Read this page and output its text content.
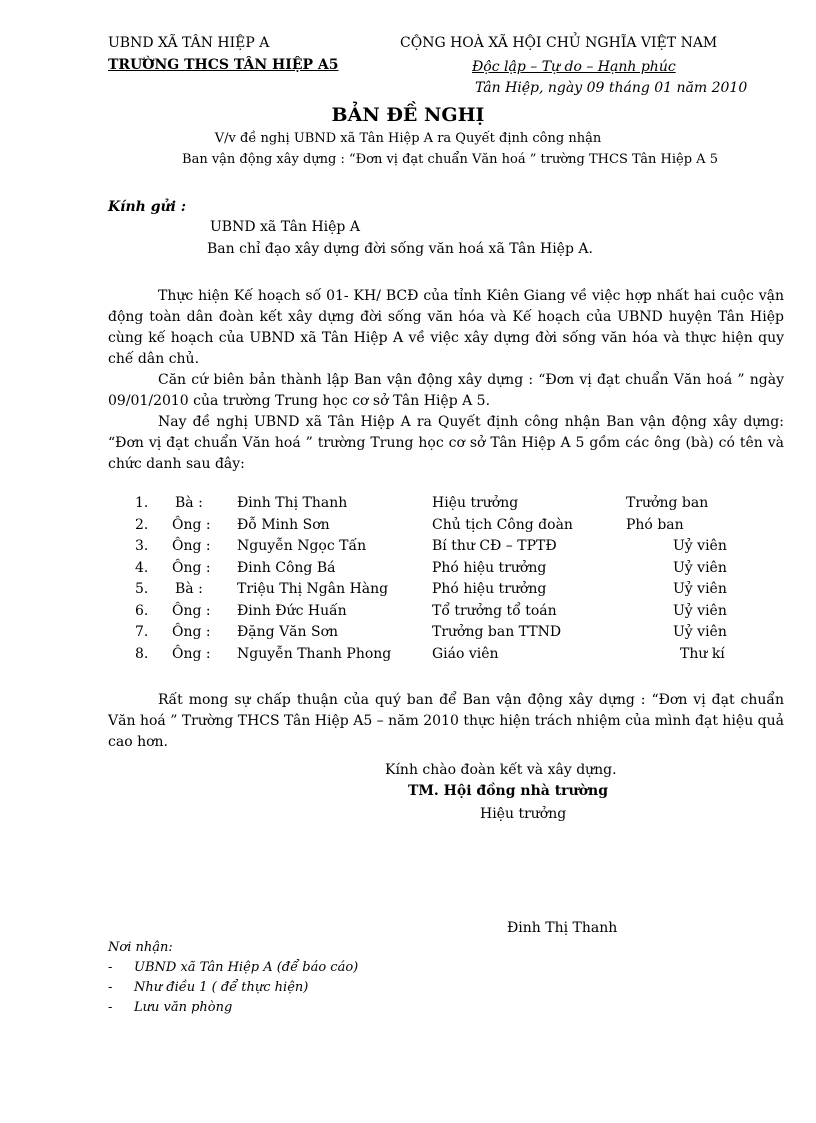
UBND XÃ TÂN HIỆP A
TRƯỜNG THCS TÂN HIỆP A5
CỘNG HOÀ XÃ HỘI CHỦ NGHĨA VIỆT NAM
Độc lập – Tự do – Hạnh phúc
Tân Hiệp, ngày 09 tháng 01 năm 2010
BẢN ĐỀ NGHỊ
V/v đề nghị UBND xã Tân Hiệp A ra Quyết định công nhận
Ban vận động xây dựng : “Đơn vị đạt chuẩn Văn hoá ” trường THCS Tân Hiệp A 5
Kính gửi :
UBND xã Tân Hiệp A
Ban chỉ đạo xây dựng đời sống văn hoá xã Tân Hiệp A.
Thực hiện Kế hoạch số 01- KH/ BCĐ của tỉnh Kiên Giang về việc hợp nhất hai cuộc vận động toàn dân đoàn kết xây dựng đời sống văn hóa và Kế hoạch của UBND huyện Tân Hiệp cùng kế hoạch của UBND xã Tân Hiệp A về việc xây dựng đời sống văn hóa và thực hiện quy chế dân chủ.
Căn cứ biên bản thành lập Ban vận động xây dựng : “Đơn vị đạt chuẩn Văn hoá ” ngày 09/01/2010 của trường Trung học cơ sở Tân Hiệp A 5.
Nay đề nghị UBND xã Tân Hiệp A ra Quyết định công nhận Ban vận động xây dựng: “Đơn vị đạt chuẩn Văn hoá ” trường Trung học cơ sở Tân Hiệp A 5 gồm các ông (bà) có tên và chức danh sau đây:
1. Bà : Đinh Thị Thanh	Hiệu trưởng	Trưởng ban
2. Ông : Đỗ Minh Sơn	Chủ tịch Công đoàn	Phó ban
3. Ông : Nguyễn Ngọc Tấn	Bí thư CĐ – TPTĐ	Uỷ viên
4. Ông : Đinh Công Bá	Phó hiệu trưởng	Uỷ viên
5. Bà : Triệu Thị Ngân Hàng	Phó hiệu trưởng	Uỷ viên
6. Ông : Đinh Đức Huấn	Tổ trưởng tổ toán	Uỷ viên
7. Ông : Đặng Văn Sơn	Trưởng ban TTND	Uỷ viên
8. Ông : Nguyễn Thanh Phong	Giáo viên	Thư kí
Rất mong sự chấp thuận của quý ban để Ban vận động xây dựng : “Đơn vị đạt chuẩn Văn hoá ” Trường THCS Tân Hiệp A5 – năm 2010 thực hiện trách nhiệm của mình đạt hiệu quả cao hơn.
Kính chào đoàn kết và xây dựng.
TM. Hội đồng nhà trường
Hiệu trưởng
Đinh Thị Thanh
Nơi nhận:
- UBND xã Tân Hiệp A (để báo cáo)
- Như điều 1 ( để thực hiện)
- Lưu văn phòng
